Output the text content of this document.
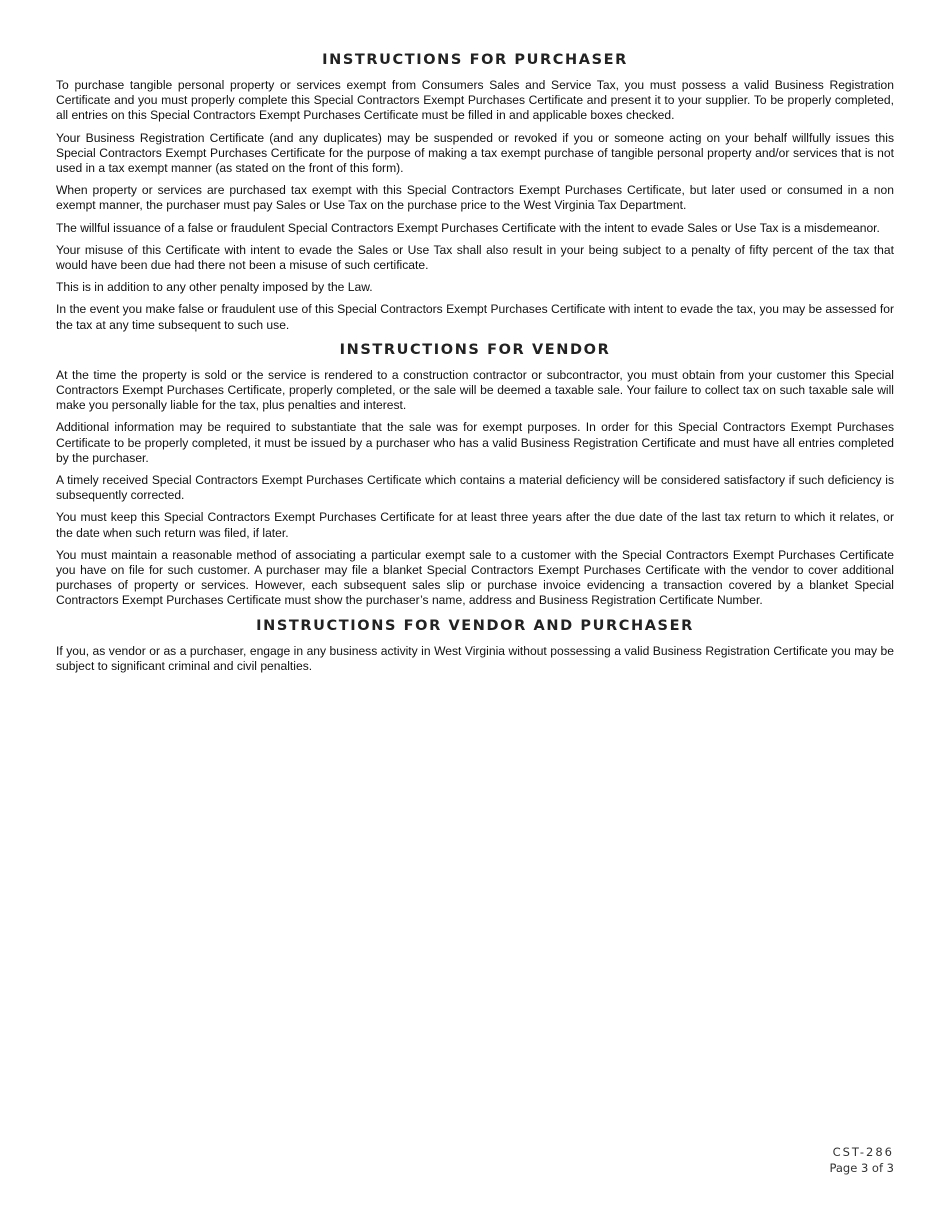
INSTRUCTIONS FOR PURCHASER

To purchase tangible personal property or services exempt from Consumers Sales and Service Tax, you must possess a valid Business Registration Certificate and you must properly complete this Special Contractors Exempt Purchases Certificate and present it to your supplier. To be properly completed, all entries on this Special Contractors Exempt Purchases Certificate must be filled in and applicable boxes checked.

Your Business Registration Certificate (and any duplicates) may be suspended or revoked if you or someone acting on your behalf willfully issues this Special Contractors Exempt Purchases Certificate for the purpose of making a tax exempt purchase of tangible personal property and/or services that is not used in a tax exempt manner (as stated on the front of this form).

When property or services are purchased tax exempt with this Special Contractors Exempt Purchases Certificate, but later used or consumed in a non exempt manner, the purchaser must pay Sales or Use Tax on the purchase price to the West Virginia Tax Department.

The willful issuance of a false or fraudulent Special Contractors Exempt Purchases Certificate with the intent to evade Sales or Use Tax is a misdemeanor.

Your misuse of this Certificate with intent to evade the Sales or Use Tax shall also result in your being subject to a penalty of fifty percent of the tax that would have been due had there not been a misuse of such certificate.

This is in addition to any other penalty imposed by the Law.

In the event you make false or fraudulent use of this Special Contractors Exempt Purchases Certificate with intent to evade the tax, you may be assessed for the tax at any time subsequent to such use.

INSTRUCTIONS FOR VENDOR

At the time the property is sold or the service is rendered to a construction contractor or subcontractor, you must obtain from your customer this Special Contractors Exempt Purchases Certificate, properly completed, or the sale will be deemed a taxable sale. Your failure to collect tax on such taxable sale will make you personally liable for the tax, plus penalties and interest.

Additional information may be required to substantiate that the sale was for exempt purposes. In order for this Special Contractors Exempt Purchases Certificate to be properly completed, it must be issued by a purchaser who has a valid Business Registration Certificate and must have all entries completed by the purchaser.

A timely received Special Contractors Exempt Purchases Certificate which contains a material deficiency will be considered satisfactory if such deficiency is subsequently corrected.

You must keep this Special Contractors Exempt Purchases Certificate for at least three years after the due date of the last tax return to which it relates, or the date when such return was filed, if later.

You must maintain a reasonable method of associating a particular exempt sale to a customer with the Special Contractors Exempt Purchases Certificate you have on file for such customer. A purchaser may file a blanket Special Contractors Exempt Purchases Certificate with the vendor to cover additional purchases of property or services. However, each subsequent sales slip or purchase invoice evidencing a transaction covered by a blanket Special Contractors Exempt Purchases Certificate must show the purchaser’s name, address and Business Registration Certificate Number.

INSTRUCTIONS FOR VENDOR AND PURCHASER

If you, as vendor or as a purchaser, engage in any business activity in West Virginia without possessing a valid Business Registration Certificate you may be subject to significant criminal and civil penalties.

CST-286
Page 3 of 3
